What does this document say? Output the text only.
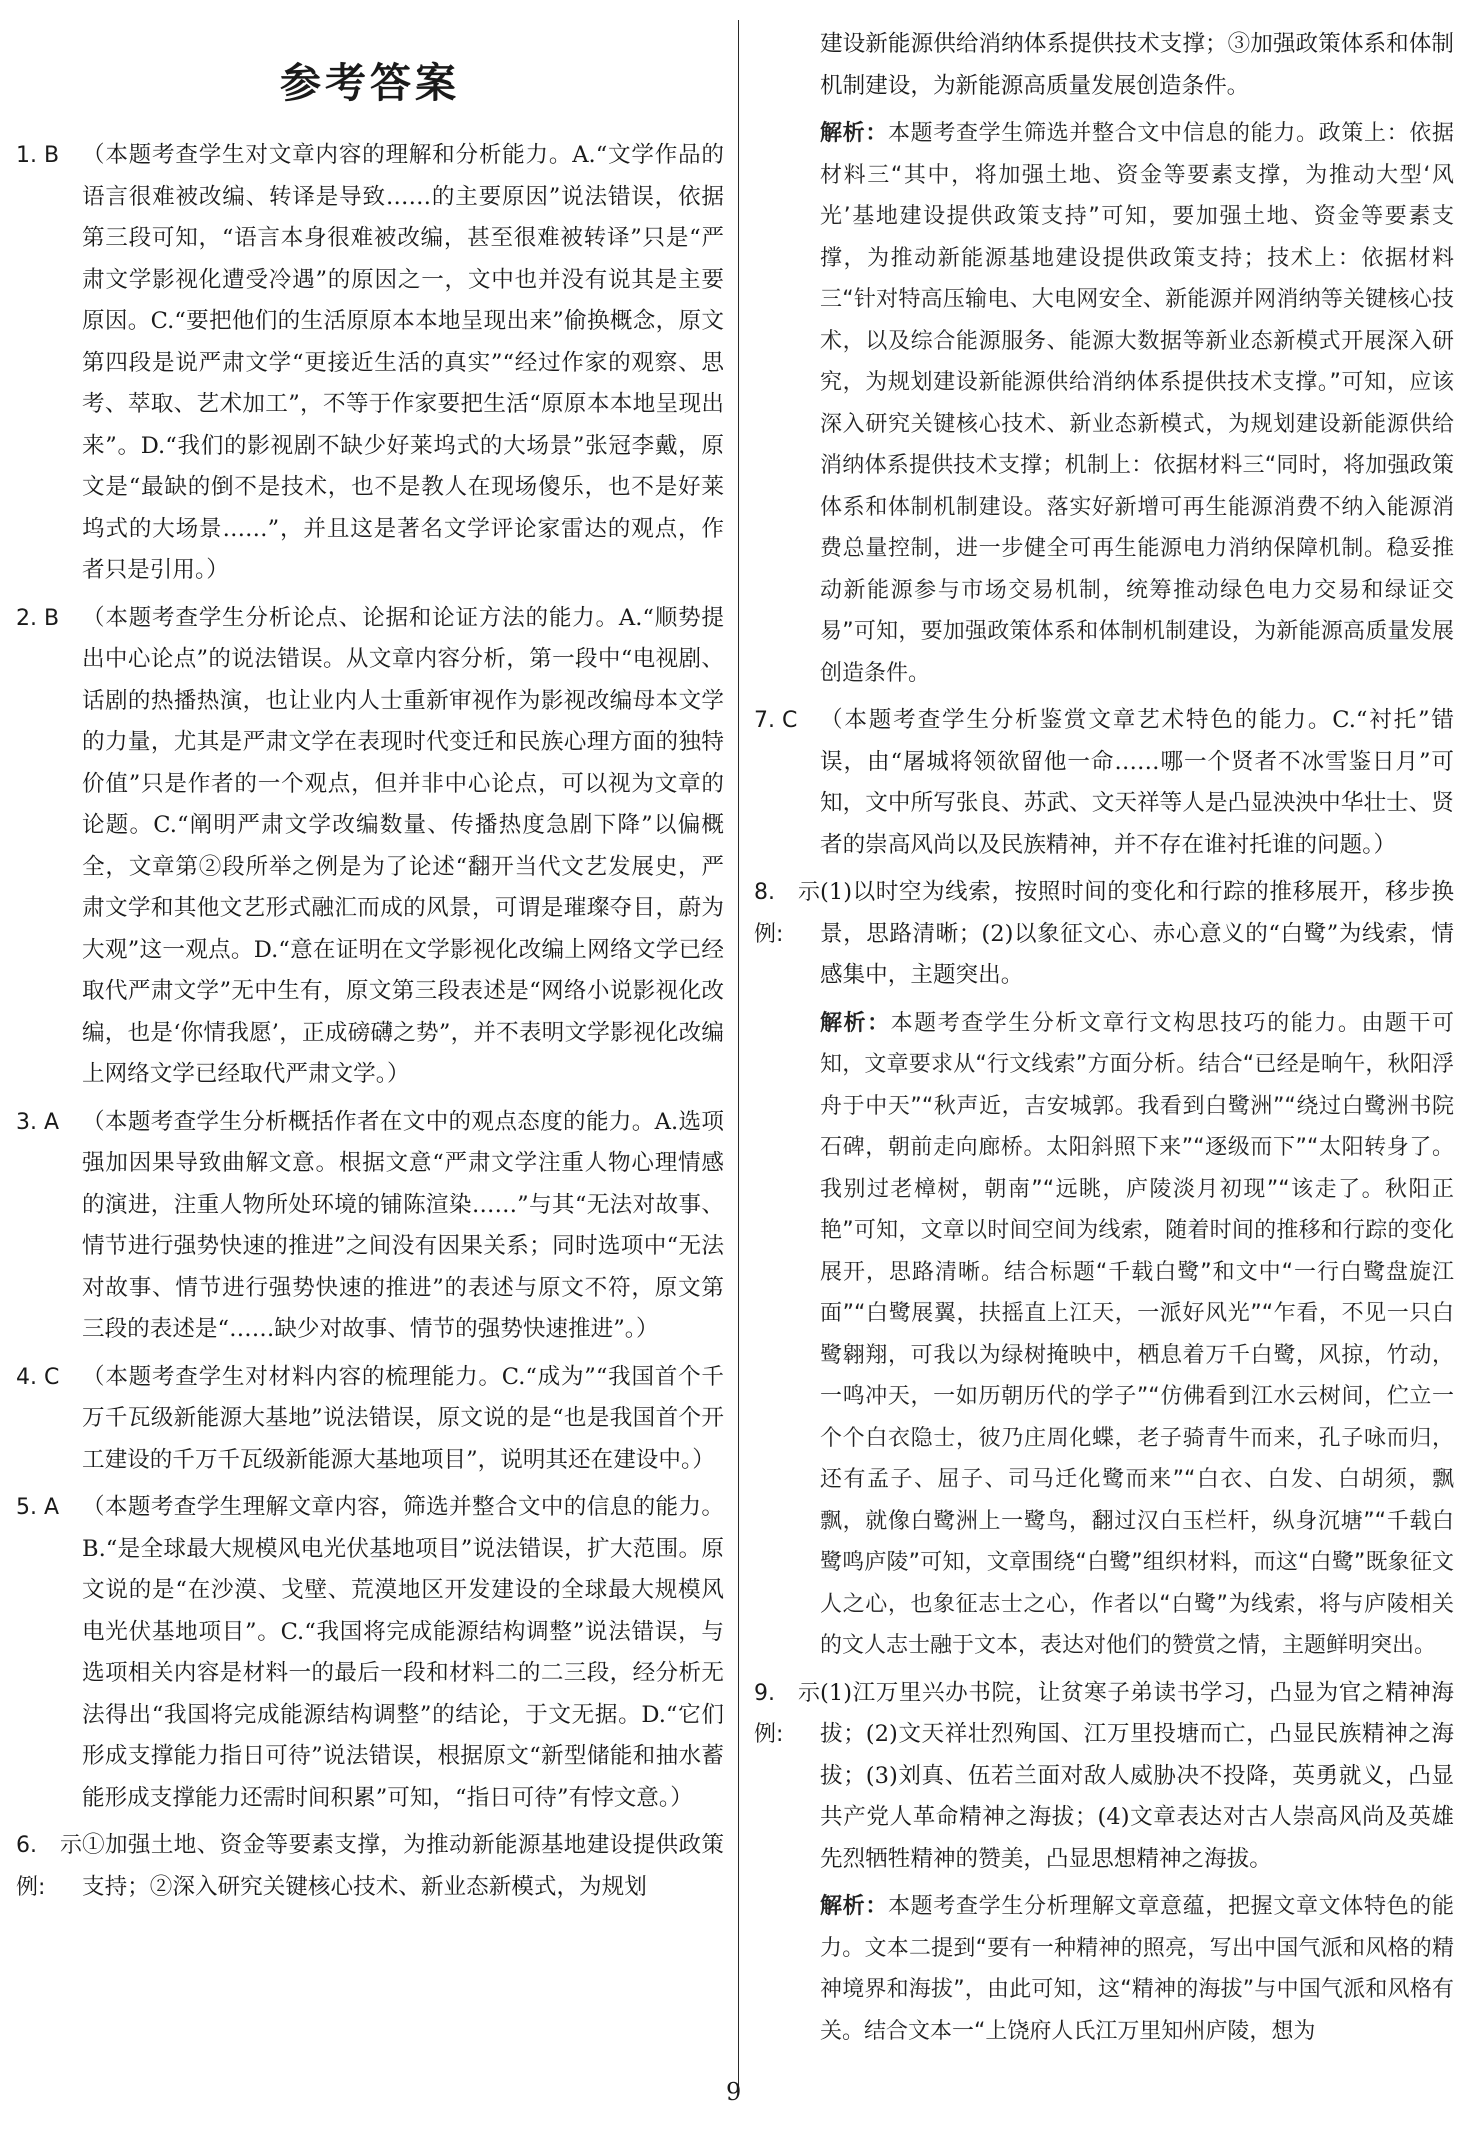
参考答案
1. B	（本题考查学生对文章内容的理解和分析能力。A.“文学作品的语言很难被改编、转译是导致……的主要原因”说法错误，依据第三段可知，“语言本身很难被改编，甚至很难被转译”只是“严肃文学影视化遭受冷遇”的原因之一，文中也并没有说其是主要原因。C.“要把他们的生活原原本本地呈现出来”偷换概念，原文第四段是说严肃文学“更接近生活的真实”“经过作家的观察、思考、萃取、艺术加工”，不等于作家要把生活“原原本本地呈现出来”。D.“我们的影视剧不缺少好莱坞式的大场景”张冠李戴，原文是“最缺的倒不是技术，也不是教人在现场傻乐，也不是好莱坞式的大场景……”，并且这是著名文学评论家雷达的观点，作者只是引用。）
2. B	（本题考查学生分析论点、论据和论证方法的能力。A.“顺势提出中心论点”的说法错误。从文章内容分析，第一段中“电视剧、话剧的热播热演，也让业内人士重新审视作为影视改编母本文学的力量，尤其是严肃文学在表现时代变迁和民族心理方面的独特价值”只是作者的一个观点，但并非中心论点，可以视为文章的论题。C.“阐明严肃文学改编数量、传播热度急剧下降”以偏概全，文章第②段所举之例是为了论述“翻开当代文艺发展史，严肃文学和其他文艺形式融汇而成的风景，可谓是璀璨夺目，蔚为大观”这一观点。D.“意在证明在文学影视化改编上网络文学已经取代严肃文学”无中生有，原文第三段表述是“网络小说影视化改编，也是‘你情我愿’，正成磅礴之势”，并不表明文学影视化改编上网络文学已经取代严肃文学。）
3. A	（本题考查学生分析概括作者在文中的观点态度的能力。A.选项强加因果导致曲解文意。根据文意“严肃文学注重人物心理情感的演进，注重人物所处环境的铺陈渲染……”与其“无法对故事、情节进行强势快速的推进”之间没有因果关系；同时选项中“无法对故事、情节进行强势快速的推进”的表述与原文不符，原文第三段的表述是“……缺少对故事、情节的强势快速推进”。）
4. C	（本题考查学生对材料内容的梳理能力。C.“成为”“我国首个千万千瓦级新能源大基地”说法错误，原文说的是“也是我国首个开工建设的千万千瓦级新能源大基地项目”，说明其还在建设中。）
5. A	（本题考查学生理解文章内容，筛选并整合文中的信息的能力。B.“是全球最大规模风电光伏基地项目”说法错误，扩大范围。原文说的是“在沙漠、戈壁、荒漠地区开发建设的全球最大规模风电光伏基地项目”。C.“我国将完成能源结构调整”说法错误，与选项相关内容是材料一的最后一段和材料二的二三段，经分析无法得出“我国将完成能源结构调整”的结论，于文无据。D.“它们形成支撑能力指日可待”说法错误，根据原文“新型储能和抽水蓄能形成支撑能力还需时间积累”可知，“指日可待”有悖文意。）
6. 示例:
①加强土地、资金等要素支撑，为推动新能源基地建设提供政策支持；②深入研究关键核心技术、新业态新模式，为规划
建设新能源供给消纳体系提供技术支撑；③加强政策体系和体制机制建设，为新能源高质量发展创造条件。
解析：本题考查学生筛选并整合文中信息的能力。政策上：依据材料三“其中，将加强土地、资金等要素支撑，为推动大型‘风光’基地建设提供政策支持”可知，要加强土地、资金等要素支撑，为推动新能源基地建设提供政策支持；技术上：依据材料三“针对特高压输电、大电网安全、新能源并网消纳等关键核心技术，以及综合能源服务、能源大数据等新业态新模式开展深入研究，为规划建设新能源供给消纳体系提供技术支撑。”可知，应该深入研究关键核心技术、新业态新模式，为规划建设新能源供给消纳体系提供技术支撑；机制上：依据材料三“同时，将加强政策体系和体制机制建设。落实好新增可再生能源消费不纳入能源消费总量控制，进一步健全可再生能源电力消纳保障机制。稳妥推动新能源参与市场交易机制，统筹推动绿色电力交易和绿证交易”可知，要加强政策体系和体制机制建设，为新能源高质量发展创造条件。
7. C	（本题考查学生分析鉴赏文章艺术特色的能力。C.“衬托”错误，由“屠城将领欲留他一命……哪一个贤者不冰雪鉴日月”可知，文中所写张良、苏武、文天祥等人是凸显泱泱中华壮士、贤者的崇高风尚以及民族精神，并不存在谁衬托谁的问题。）
8. 示例:
(1)以时空为线索，按照时间的变化和行踪的推移展开，移步换景，思路清晰；(2)以象征文心、赤心意义的“白鹭”为线索，情感集中，主题突出。
解析：本题考查学生分析文章行文构思技巧的能力。由题干可知，文章要求从“行文线索”方面分析。结合“已经是晌午，秋阳浮舟于中天”“秋声近，吉安城郭。我看到白鹭洲”“绕过白鹭洲书院石碑，朝前走向廊桥。太阳斜照下来”“逐级而下”“太阳转身了。我别过老樟树，朝南”“远眺，庐陵淡月初现”“该走了。秋阳正艳”可知，文章以时间空间为线索，随着时间的推移和行踪的变化展开，思路清晰。结合标题“千载白鹭”和文中“一行白鹭盘旋江面”“白鹭展翼，扶摇直上江天，一派好风光”“乍看，不见一只白鹭翱翔，可我以为绿树掩映中，栖息着万千白鹭，风掠，竹动，一鸣冲天，一如历朝历代的学子”“仿佛看到江水云树间，伫立一个个白衣隐士，彼乃庄周化蝶，老子骑青牛而来，孔子咏而归，还有孟子、屈子、司马迁化鹭而来”“白衣、白发、白胡须，飘飘，就像白鹭洲上一鹭鸟，翻过汉白玉栏杆，纵身沉塘”“千载白鹭鸣庐陵”可知，文章围绕“白鹭”组织材料，而这“白鹭”既象征文人之心，也象征志士之心，作者以“白鹭”为线索，将与庐陵相关的文人志士融于文本，表达对他们的赞赏之情，主题鲜明突出。
9. 示例:
(1)江万里兴办书院，让贫寒子弟读书学习，凸显为官之精神海拔；(2)文天祥壮烈殉国、江万里投塘而亡，凸显民族精神之海拔；(3)刘真、伍若兰面对敌人威胁决不投降，英勇就义，凸显共产党人革命精神之海拔；(4)文章表达对古人崇高风尚及英雄先烈牺牲精神的赞美，凸显思想精神之海拔。
解析：本题考查学生分析理解文章意蕴，把握文章文体特色的能力。文本二提到“要有一种精神的照亮，写出中国气派和风格的精神境界和海拔”，由此可知，这“精神的海拔”与中国气派和风格有关。结合文本一“上饶府人氏江万里知州庐陵，想为
9
